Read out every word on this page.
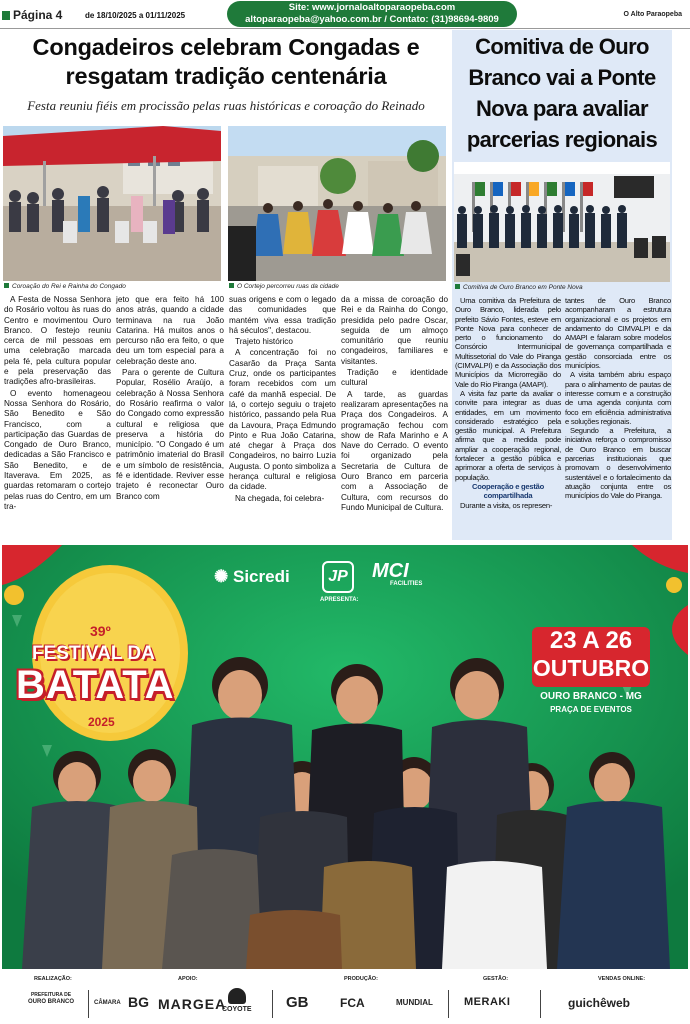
Página 4	de 18/10/2025 a 01/11/2025
Site: www.jornaloaltoparaopeba.com
altoparaopeba@yahoo.com.br / Contato: (31)98694-9809	O Alto Paraopeba
Congadeiros celebram Congadas e
resgatam tradição centenária
Festa reuniu fiéis em procissão pelas ruas históricas e coroação do Reinado
Coroação do Rei e Rainha do Congado	O Cortejo percorreu ruas da cidade

A Festa de Nossa Senhora do Rosário voltou às ruas do Centro e movimentou Ouro Branco. O festejo reuniu cerca de mil pessoas em uma celebração marcada pela fé, pela cultura popular e pela preservação das tradições afro-brasileiras.

O evento homenageou Nossa Senhora do Rosário, São Benedito e São Francisco, com a participação das Guardas de Congado de Ouro Branco, dedicadas a São Francisco e São Benedito, e de Itaverava. Em 2025, as guardas retomaram o cortejo pelas ruas do Centro, em um tra-

jeto que era feito há 100 anos atrás, quando a cidade terminava na rua João Catarina. Há muitos anos o percurso não era feito, o que deu um tom especial para a celebração deste ano.

Para o gerente de Cultura Popular, Rosélio Araújo, a celebração à Nossa Senhora do Rosário reafirma o valor do Congado como expressão cultural e religiosa que preserva a história do município. "O Congado é um patrimônio imaterial do Brasil e um símbolo de resistência, fé e identidade. Reviver esse trajeto é reconectar Ouro Branco com

suas origens e com o legado das comunidades que mantém viva essa tradição há séculos", destacou.

Trajeto histórico

A concentração foi no Casarão da Praça Santa Cruz, onde os participantes foram recebidos com um café da manhã especial. De lá, o cortejo seguiu o trajeto histórico, passando pela Rua da Lavoura, Praça Edmundo Pinto e Rua João Catarina, até chegar à Praça dos Congadeiros, no bairro Luzia Augusta. O ponto simboliza a herança cultural e religiosa da cidade.

Na chegada, foi celebra-

da a missa de coroação do Rei e da Rainha do Congo, presidida pelo padre Oscar, seguida de um almoço comunitário que reuniu congadeiros, familiares e visitantes.

Tradição e identidade cultural

A tarde, as guardas realizaram apresentações na Praça dos Congadeiros. A programação fechou com show de Rafa Marinho e A Nave do Cerrado. O evento foi organizado pela Secretaria de Cultura de Ouro Branco em parceria com a Associação de Cultura, com recursos do Fundo Municipal de Cultura.

Comitiva de Ouro
Branco vai a Ponte
Nova para avaliar
parcerias regionais
Comitiva de Ouro Branco em Ponte Nova

Uma comitiva da Prefeitura de Ouro Branco, liderada pelo prefeito Sávio Fontes, esteve em Ponte Nova para conhecer de perto o funcionamento do Consórcio Intermunicipal Multissetorial do Vale do Piranga (CIMVALPI) e da Associação dos Municípios da Microrregião do Vale do Rio Piranga (AMAPI).

A visita faz parte da avaliar o convite para integrar as duas entidades, em um movimento considerado estratégico pela gestão municipal. A Prefeitura afirma que a medida pode ampliar a cooperação regional, fortalecer a gestão pública e aprimorar a oferta de serviços à população.

Cooperação e gestão compartilhada

Durante a visita, os represen-

tantes de Ouro Branco acompanharam a estrutura organizacional e os projetos em andamento do CIMVALPI e da AMAPI e falaram sobre modelos de governança compartilhada e gestão consorciada entre os municípios.

A visita também abriu espaço para o alinhamento de pautas de interesse comum e a construção de uma agenda conjunta com foco em eficiência administrativa e soluções regionais.

Segundo a Prefeitura, a iniciativa reforça o compromisso de Ouro Branco em buscar parcerias institucionais que promovam o desenvolvimento sustentável e o fortalecimento da atuação conjunta entre os municípios do Vale do Piranga.

✺ Sicredi	JP
APRESENTA:
MCI
FACILITIES
39º
FESTIVAL DA
BATATA
2025
23 A 26
OUTUBRO
OURO BRANCO - MG
PRAÇA DE EVENTOS
REALIZAÇÃO:	APOIO:	PRODUÇÃO:	GESTÃO:	VENDAS ONLINE:
PREFEITURA DE
OURO BRANCO	CÂMARA BG MARGEA
COYOTE GB	FCA	MUNDIAL	MERAKI	guichêweb
